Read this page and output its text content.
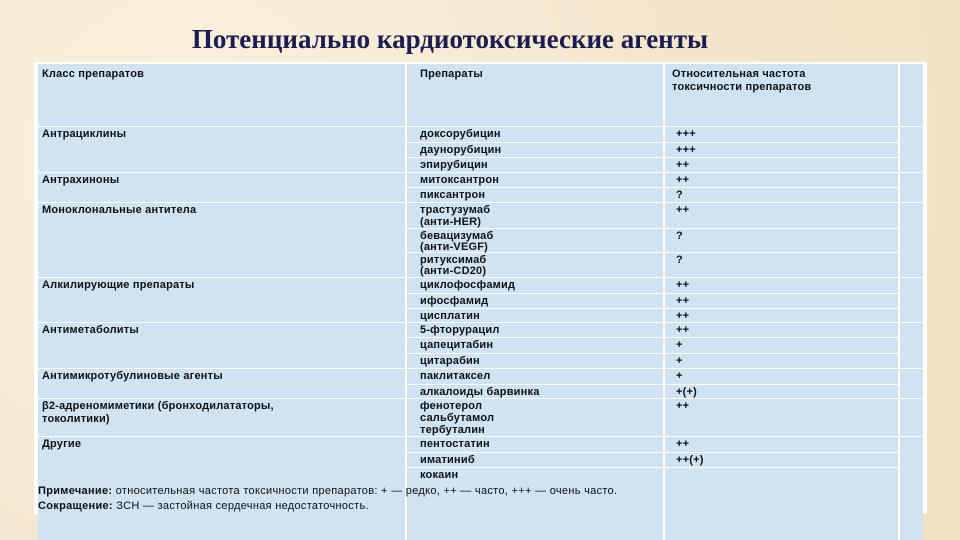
Потенциально кардиотоксические агенты
Класс препаратов	Препараты	Относительная частота
токсичности препаратов
Антрациклины
Антрахиноны
Моноклональные антитела
Алкилирующие препараты
Антиметаболиты
Антимикротубулиновые агенты
β2-адреномиметики (бронходилататоры,
токолитики)
Другие
доксорубицин
даунорубицин
эпирубицин
митоксантрон
пиксантрон
трастузумаб
(анти-HER)
бевацизумаб
(анти-VEGF)
ритуксимаб
(анти-CD20)
циклофосфамид
ифосфамид
цисплатин
5-фторурацил
цапецитабин
цитарабин
паклитаксел
алкалоиды барвинка
фенотерол
сальбутамол
тербуталин
пентостатин
иматиниб
кокаин
+++
+++
++
++
?
++
?
?
++
++
++
++
+
+
+
+(+)
++
++
++(+)
Примечание: относительная частота токсичности препаратов: + — редко, ++ — часто, +++ — очень часто.
Сокращение: ЗСН — застойная сердечная недостаточность.
